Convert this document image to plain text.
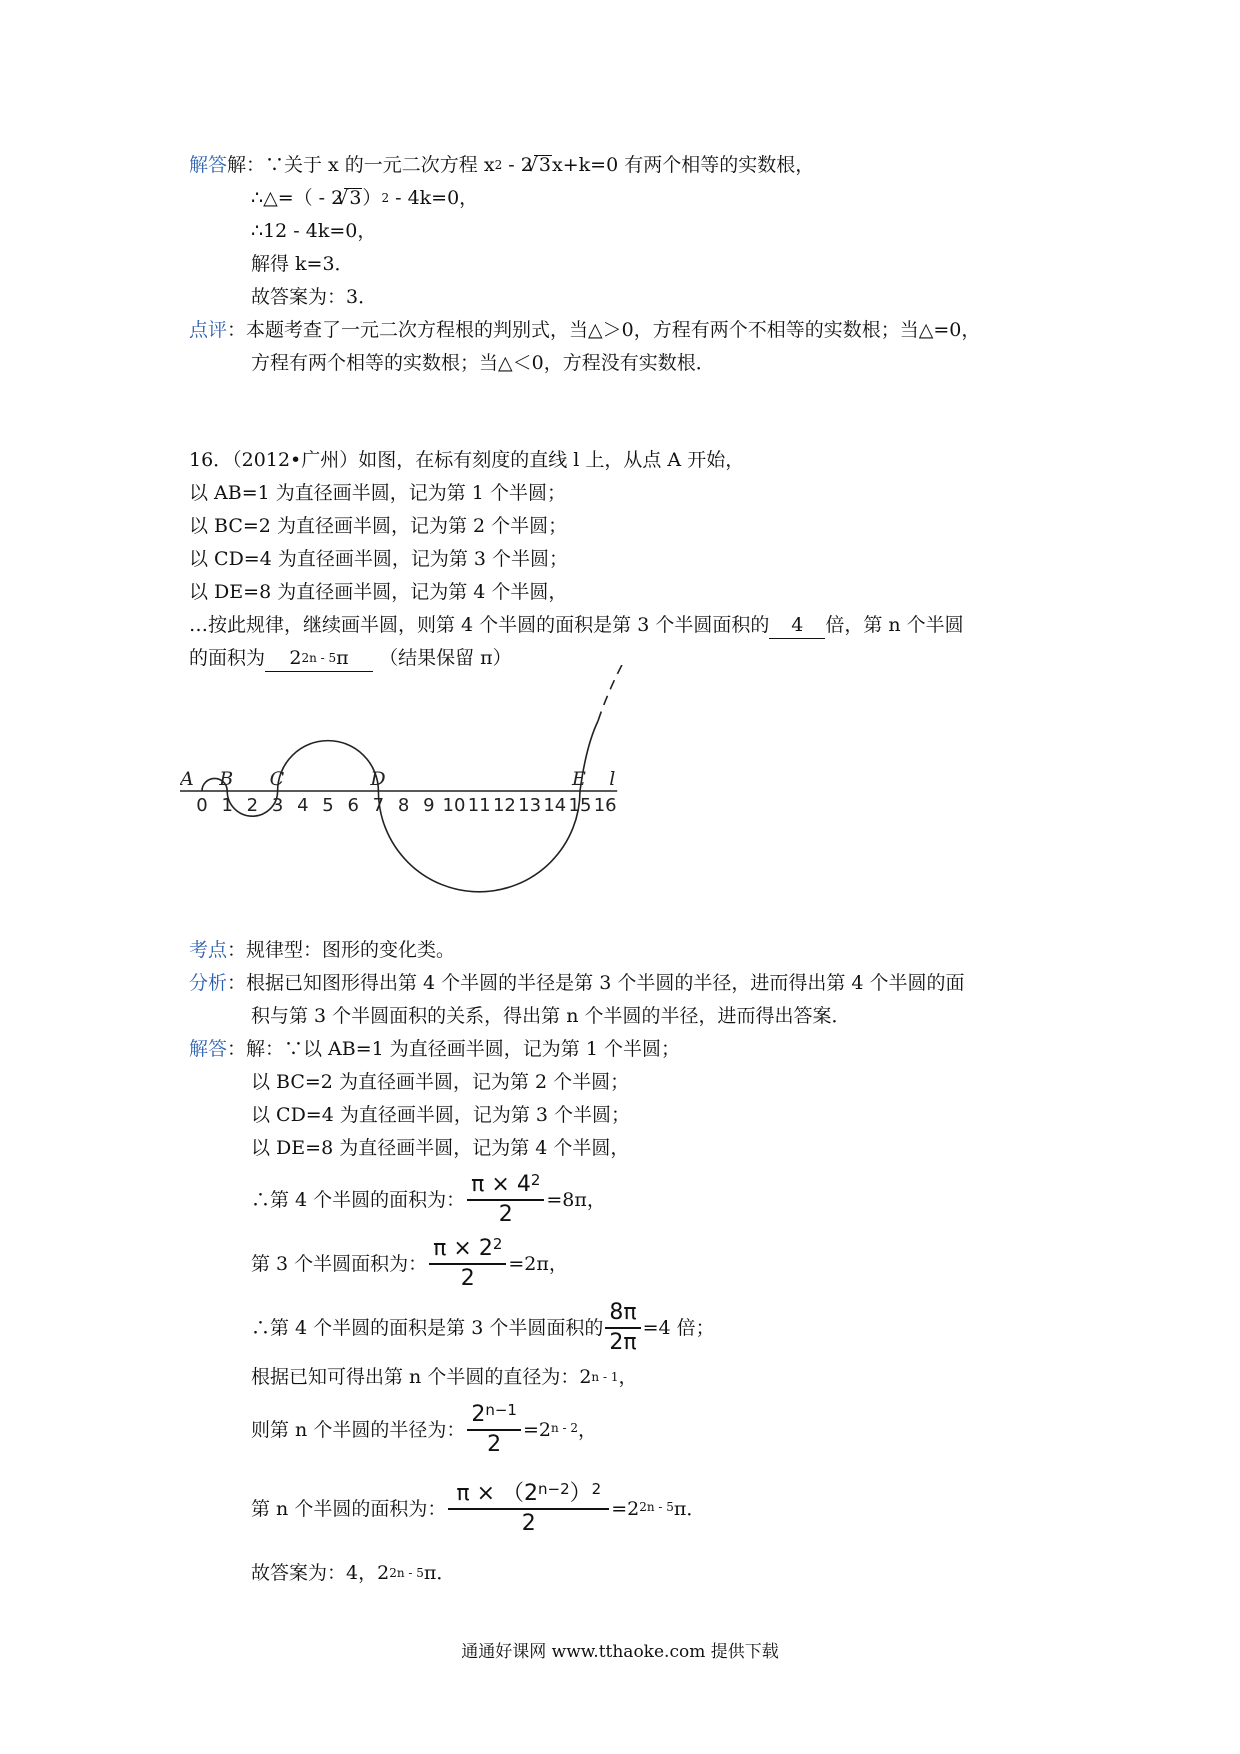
解答解：∵关于 x 的一元二次方程 $x^2 - 2√$ 3x+k=0 有两个相等的实数根，
∴△=（ - 2√ 3）$^2$ - 4k=0，
∴12 - 4k=0，
解得 k=3．
故答案为：3．
点评：本题考查了一元二次方程根的判别式，当△＞0，方程有两个不相等的实数根；当△=0，
方程有两个相等的实数根；当△＜0，方程没有实数根．
16．（2012•广州）如图，在标有刻度的直线 l 上，从点 A 开始，
以 AB=1 为直径画半圆，记为第 1 个半圆；
以 BC=2 为直径画半圆，记为第 2 个半圆；
以 CD=4 为直径画半圆，记为第 3 个半圆；
以 DE=8 为直径画半圆，记为第 4 个半圆，
…按此规律，继续画半圆，则第 4 个半圆的面积是第 3 个半圆面积的 4 倍，第 n 个半圆
的面积为 $2^{2n - 5}\pi$ （结果保留 π）
0 1 2 3 4 5 6 7 8 9 10 11 12 13 14 15 16
A B C	D	E l
考点：规律型：图形的变化类。
分析：根据已知图形得出第 4 个半圆的半径是第 3 个半圆的半径，进而得出第 4 个半圆的面
积与第 3 个半圆面积的关系，得出第 n 个半圆的半径，进而得出答案．
解答：解：∵以 AB=1 为直径画半圆，记为第 1 个半圆；
以 BC=2 为直径画半圆，记为第 2 个半圆；
以 CD=4 为直径画半圆，记为第 3 个半圆；
以 DE=8 为直径画半圆，记为第 4 个半圆，
∴第 4 个半圆的面积为： $\frac{\pi \times 4^2}{2} =8\pi$，
第 3 个半圆面积为： $\frac{\pi \times 2^2}{2} =2\pi$，
∴第 4 个半圆的面积是第 3 个半圆面积的 $\frac{8\pi}{2\pi} =4$ 倍；
根据已知可得出第 n 个半圆的直径为：2$^{n - 1}$，
则第 n 个半圆的半径为： $\frac{2^{n-1}}{2} =2^{n - 2}$ ，
第 n 个半圆的面积为： $\frac{\pi \times (2^{n-2})^2}{2} =2^{2n - 5}$ π．
故答案为：4，$2^{2n - 5}\pi$．
通通好课网 www.tthaoke.com 提供下载
